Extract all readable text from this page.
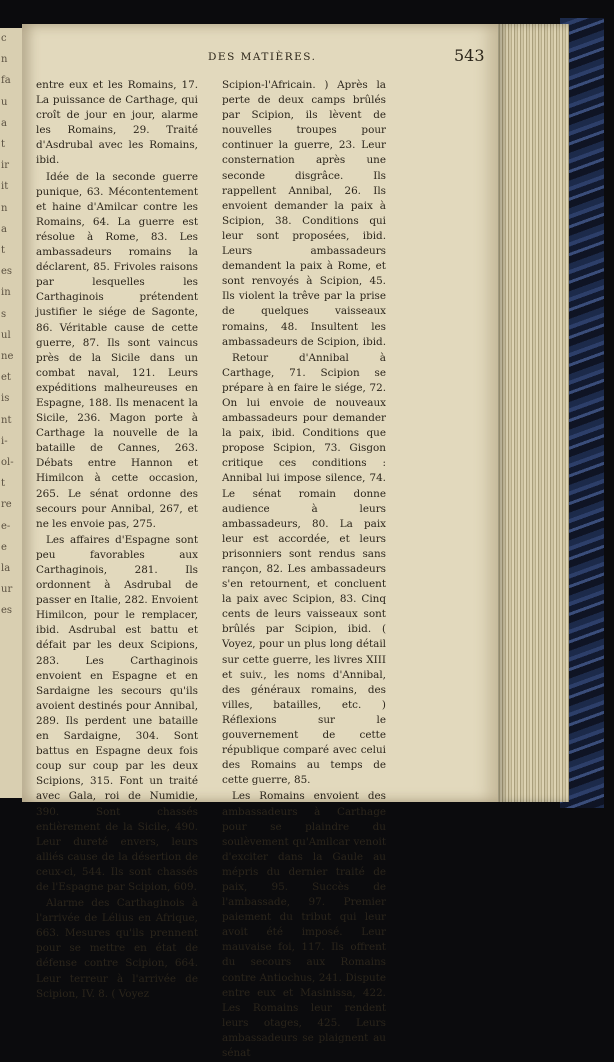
c
n
fa
u
a
t
ir
it
n
a
t
es
in
s
ul
ne
et
is
nt
i-
ol-
t
re
e-
e
la
ur
es
DES MATIÈRES.	543

entre eux et les Romains, 17. La puissance de Carthage, qui croît de jour en jour, alarme les Romains, 29. Traité d'Asdrubal avec les Romains, ibid.

Idée de la seconde guerre punique, 63. Mécontentement et haine d'Amilcar contre les Romains, 64. La guerre est résolue à Rome, 83. Les ambassadeurs romains la déclarent, 85. Frivoles raisons par lesquelles les Carthaginois prétendent justifier le siége de Sagonte, 86. Véritable cause de cette guerre, 87. Ils sont vaincus près de la Sicile dans un combat naval, 121. Leurs expéditions malheureuses en Espagne, 188. Ils menacent la Sicile, 236. Magon porte à Carthage la nouvelle de la bataille de Cannes, 263. Débats entre Hannon et Himilcon à cette occasion, 265. Le sénat ordonne des secours pour Annibal, 267, et ne les envoie pas, 275.

Les affaires d'Espagne sont peu favorables aux Carthaginois, 281. Ils ordonnent à Asdrubal de passer en Italie, 282. Envoient Himilcon, pour le remplacer, ibid. Asdrubal est battu et défait par les deux Scipions, 283. Les Carthaginois envoient en Espagne et en Sardaigne les secours qu'ils avoient destinés pour Annibal, 289. Ils perdent une bataille en Sardaigne, 304. Sont battus en Espagne deux fois coup sur coup par les deux Scipions, 315. Font un traité avec Gala, roi de Numidie, 390. Sont chassés entièrement de la Sicile, 490. Leur dureté envers, leurs alliés cause de la désertion de ceux-ci, 544. Ils sont chassés de l'Espagne par Scipion, 609.

Alarme des Carthaginois à l'arrivée de Lélius en Afrique, 663. Mesures qu'ils prennent pour se mettre en état de défense contre Scipion, 664. Leur terreur à l'arrivée de Scipion, IV. 8. ( Voyez

Scipion-l'Africain. ) Après la perte de deux camps brûlés par Scipion, ils lèvent de nouvelles troupes pour continuer la guerre, 23. Leur consternation après une seconde disgrâce. Ils rappellent Annibal, 26. Ils envoient demander la paix à Scipion, 38. Conditions qui leur sont proposées, ibid. Leurs ambassadeurs demandent la paix à Rome, et sont renvoyés à Scipion, 45. Ils violent la trêve par la prise de quelques vaisseaux romains, 48. Insultent les ambassadeurs de Scipion, ibid.

Retour d'Annibal à Carthage, 71. Scipion se prépare à en faire le siége, 72. On lui envoie de nouveaux ambassadeurs pour demander la paix, ibid. Conditions que propose Scipion, 73. Gisgon critique ces conditions : Annibal lui impose silence, 74. Le sénat romain donne audience à leurs ambassadeurs, 80. La paix leur est accordée, et leurs prisonniers sont rendus sans rançon, 82. Les ambassadeurs s'en retournent, et concluent la paix avec Scipion, 83. Cinq cents de leurs vaisseaux sont brûlés par Scipion, ibid. ( Voyez, pour un plus long détail sur cette guerre, les livres XIII et suiv., les noms d'Annibal, des généraux romains, des villes, batailles, etc. ) Réflexions sur le gouvernement de cette république comparé avec celui des Romains au temps de cette guerre, 85.

Les Romains envoient des ambassadeurs à Carthage pour se plaindre du soulèvement qu'Amilcar venoit d'exciter dans la Gaule au mépris du dernier traité de paix, 95. Succès de l'ambassade, 97. Premier paiement du tribut qui leur avoit été imposé. Leur mauvaise foi, 117. Ils offrent du secours aux Romains contre Antiochus, 241. Dispute entre eux et Masinissa, 422. Les Romains leur rendent leurs otages, 425. Leurs ambassadeurs se plaignent au sénat
